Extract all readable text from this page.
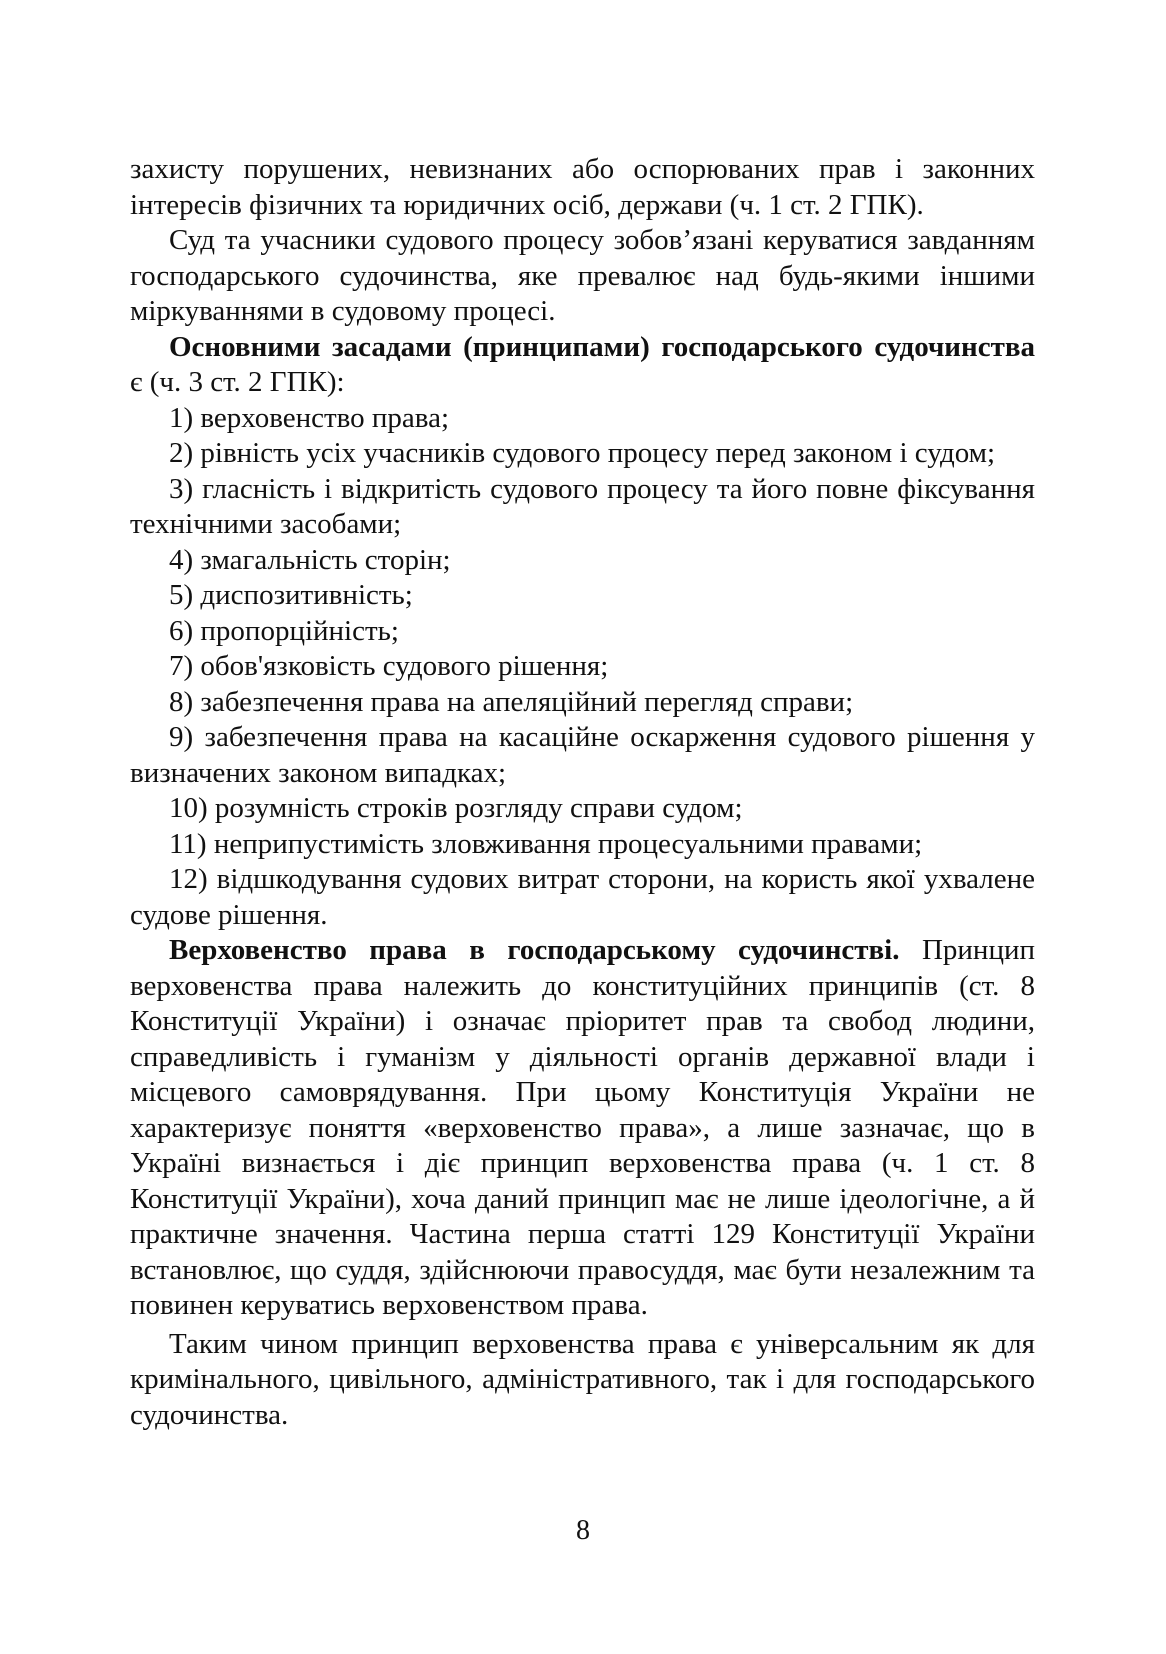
захисту порушених, невизнаних або оспорюваних прав і законних інтересів фізичних та юридичних осіб, держави (ч. 1 ст. 2 ГПК).

Суд та учасники судового процесу зобов’язані керуватися завданням господарського судочинства, яке превалює над будь-якими іншими міркуваннями в судовому процесі.

Основними засадами (принципами) господарського судочинства є (ч. 3 ст. 2 ГПК):

1) верховенство права;

2) рівність усіх учасників судового процесу перед законом і судом;

3) гласність і відкритість судового процесу та його повне фіксування технічними засобами;

4) змагальність сторін;

5) диспозитивність;

6) пропорційність;

7) обов'язковість судового рішення;

8) забезпечення права на апеляційний перегляд справи;

9) забезпечення права на касаційне оскарження судового рішення у визначених законом випадках;

10) розумність строків розгляду справи судом;

11) неприпустимість зловживання процесуальними правами;

12) відшкодування судових витрат сторони, на користь якої ухвалене судове рішення.

Верховенство права в господарському судочинстві. Принцип верховенства права належить до конституційних принципів (ст. 8 Конституції України) і означає пріоритет прав та свобод людини, справедливість і гуманізм у діяльності органів державної влади і місцевого самоврядування. При цьому Конституція України не характеризує поняття «верховенство права», а лише зазначає, що в Україні визнається і діє принцип верховенства права (ч. 1 ст. 8 Конституції України), хоча даний принцип має не лише ідеологічне, а й практичне значення. Частина перша статті 129 Конституції України встановлює, що суддя, здійснюючи правосуддя, має бути незалежним та повинен керуватись верховенством права.

Таким чином принцип верховенства права є універсальним як для кримінального, цивільного, адміністративного, так і для господарського судочинства.

8
